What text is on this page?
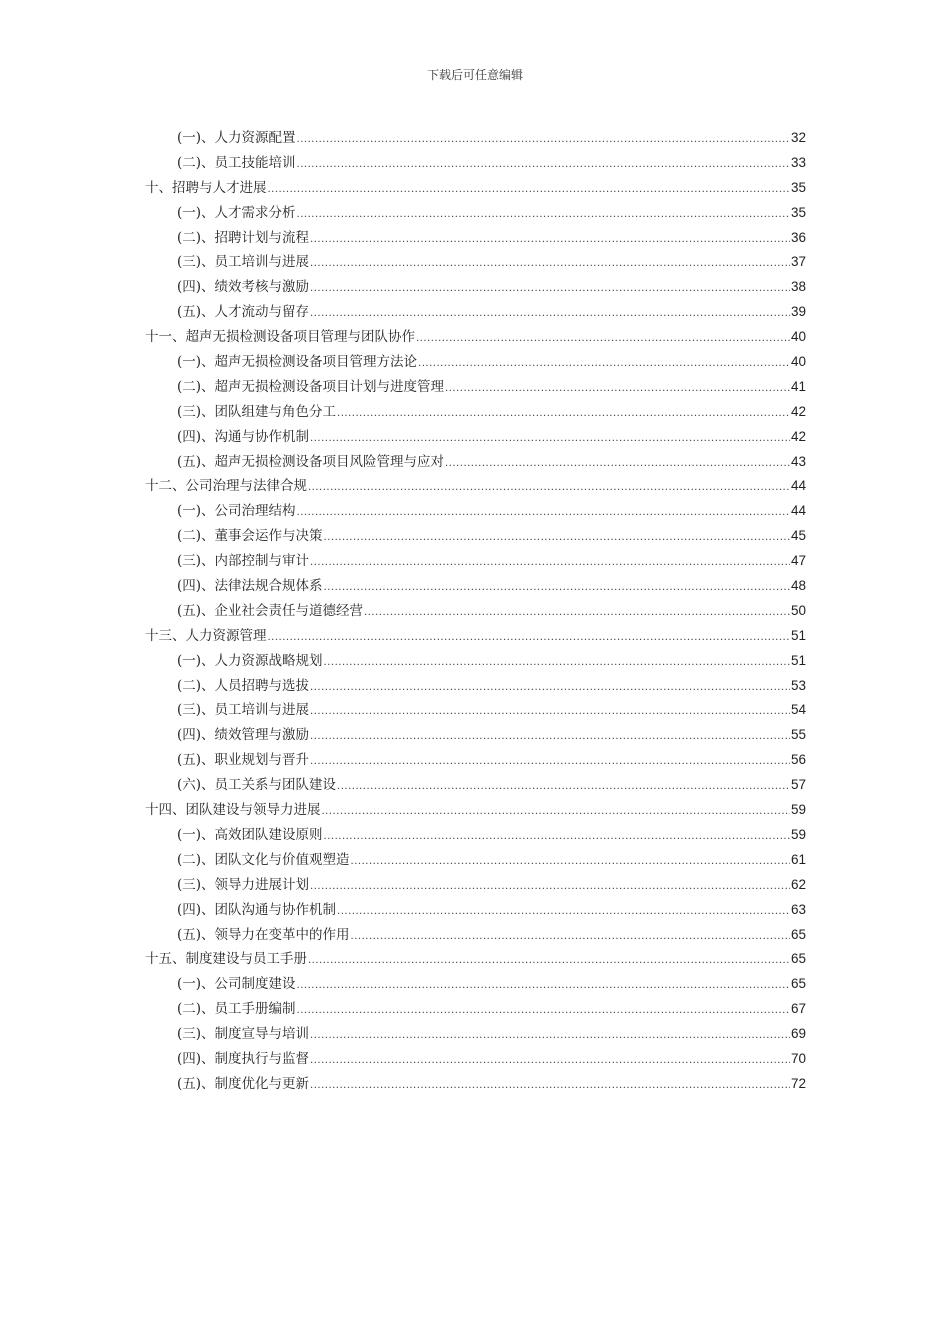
下载后可任意编辑
(一)、人力资源配置 .....	32
(二)、员工技能培训 .....	33
十、招聘与人才进展 .....	35
(一)、人才需求分析 .....	35
(二)、招聘计划与流程 .....	36
(三)、员工培训与进展 .....	37
(四)、绩效考核与激励 .....	38
(五)、人才流动与留存 .....	39
十一、超声无损检测设备项目管理与团队协作 .....	40
(一)、超声无损检测设备项目管理方法论 .....	40
(二)、超声无损检测设备项目计划与进度管理 .....	41
(三)、团队组建与角色分工 .....	42
(四)、沟通与协作机制 .....	42
(五)、超声无损检测设备项目风险管理与应对 .....	43
十二、公司治理与法律合规 .....	44
(一)、公司治理结构 .....	44
(二)、董事会运作与决策 .....	45
(三)、内部控制与审计 .....	47
(四)、法律法规合规体系 .....	48
(五)、企业社会责任与道德经营 .....	50
十三、人力资源管理 .....	51
(一)、人力资源战略规划 .....	51
(二)、人员招聘与选拔 .....	53
(三)、员工培训与进展 .....	54
(四)、绩效管理与激励 .....	55
(五)、职业规划与晋升 .....	56
(六)、员工关系与团队建设 .....	57
十四、团队建设与领导力进展 .....	59
(一)、高效团队建设原则 .....	59
(二)、团队文化与价值观塑造 .....	61
(三)、领导力进展计划 .....	62
(四)、团队沟通与协作机制 .....	63
(五)、领导力在变革中的作用 .....	65
十五、制度建设与员工手册 .....	65
(一)、公司制度建设 .....	65
(二)、员工手册编制 .....	67
(三)、制度宣导与培训 .....	69
(四)、制度执行与监督 .....	70
(五)、制度优化与更新 .....	72
